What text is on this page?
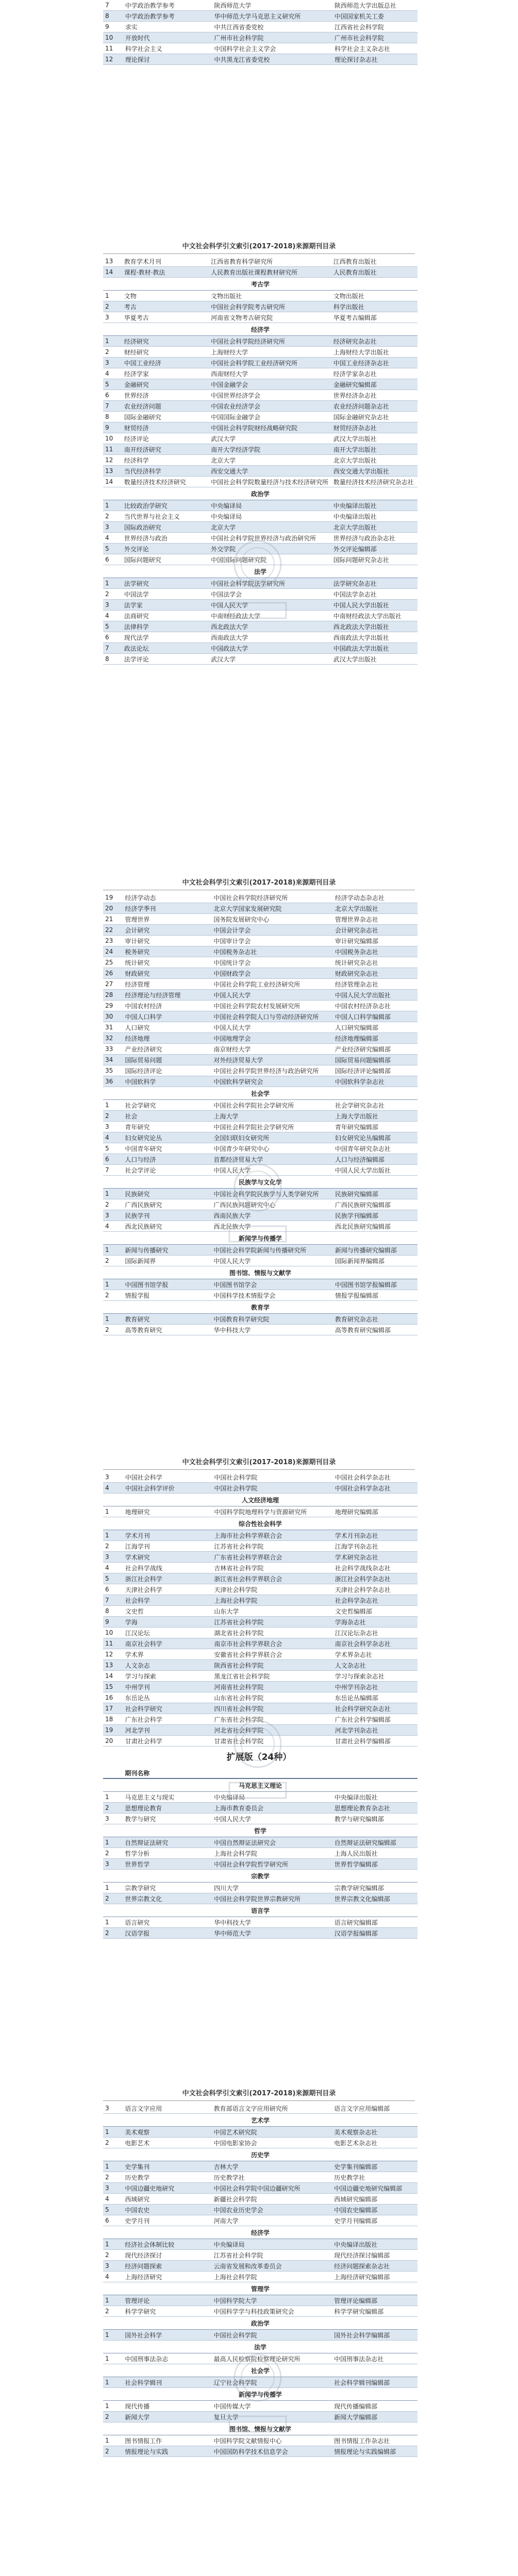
7	中学政治教学参考	陕西师范大学	陕西师范大学出版总社
8	中学政治教学参考	华中师范大学马克思主义研究所	中国国家机关工委
9	求实	中共江西省委党校	江西省社会科学院
10	开放时代	广州市社会科学院	广州市社会科学院
11	科学社会主义	中国科学社会主义学会	科学社会主义杂志社
12	理论探讨	中共黑龙江省委党校	理论探讨杂志社
中文社会科学引文索引(2017-2018)来源期刊目录
13	教育学术月刊	江西省教育科学研究所	江西教育出版社
14	课程·教材·教法	人民教育出版社课程教材研究所	人民教育出版社
考古学			
1	文物	文物出版社	文物出版社
2	考古	中国社会科学院考古研究所	科学出版社
3	华夏考古	河南省文物考古研究院	华夏考古编辑部
经济学			
1	经济研究	中国社会科学院经济研究所	经济研究杂志社
2	财经研究	上海财经大学	上海财经大学出版社
3	中国工业经济	中国社会科学院工业经济研究所	中国工业经济杂志社
4	经济学家	西南财经大学	经济学家杂志社
5	金融研究	中国金融学会	金融研究编辑部
6	世界经济	中国世界经济学会	世界经济杂志社
7	农业经济问题	中国农业经济学会	农业经济问题杂志社
8	国际金融研究	中国国际金融学会	国际金融研究杂志社
9	财贸经济	中国社会科学院财经战略研究院	财贸经济杂志社
10	经济评论	武汉大学	武汉大学出版社
11	南开经济研究	南开大学经济学院	南开大学出版社
12	经济科学	北京大学	北京大学出版社
13	当代经济科学	西安交通大学	西安交通大学出版社
14	数量经济技术经济研究	中国社会科学院数量经济与技术经济研究所	数量经济技术经济研究杂志社
政治学			
1	比较政治学研究	中央编译局	中央编译出版社
2	当代世界与社会主义	中央编译局	中央编译出版社
3	国际政治研究	北京大学	北京大学出版社
4	世界经济与政治	中国社会科学院世界经济与政治研究所	世界经济与政治杂志社
5	外交评论	外交学院	外交评论编辑部
6	国际问题研究	中国国际问题研究院	国际问题研究杂志社
法学			
1	法学研究	中国社会科学院法学研究所	法学研究杂志社
2	中国法学	中国法学会	中国法学杂志社
3	法学家	中国人民大学	中国人民大学出版社
4	法商研究	中南财经政法大学	中南财经政法大学出版社
5	法律科学	西北政法大学	西北政法大学出版社
6	现代法学	西南政法大学	西南政法大学出版社
7	政法论坛	中国政法大学	中国政法大学出版社
8	法学评论	武汉大学	武汉大学出版社
中文社会科学引文索引(2017-2018)来源期刊目录
19	经济学动态	中国社会科学院经济研究所	经济学动态杂志社
20	经济学季刊	北京大学国家发展研究院	北京大学出版社
21	管理世界	国务院发展研究中心	管理世界杂志社
22	会计研究	中国会计学会	会计研究杂志社
23	审计研究	中国审计学会	审计研究编辑部
24	税务研究	中国税务杂志社	中国税务杂志社
25	统计研究	中国统计学会	统计研究杂志社
26	财政研究	中国财政学会	财政研究杂志社
27	经济管理	中国社会科学院工业经济研究所	经济管理杂志社
28	经济理论与经济管理	中国人民大学	中国人民大学出版社
29	中国农村经济	中国社会科学院农村发展研究所	中国农村经济杂志社
30	中国人口科学	中国社会科学院人口与劳动经济研究所	中国人口科学编辑部
31	人口研究	中国人民大学	人口研究编辑部
32	经济地理	中国地理学会	经济地理编辑部
33	产业经济研究	南京财经大学	产业经济研究编辑部
34	国际贸易问题	对外经济贸易大学	国际贸易问题编辑部
35	国际经济评论	中国社会科学院世界经济与政治研究所	国际经济评论编辑部
36	中国软科学	中国软科学研究会	中国软科学杂志社
社会学			
1	社会学研究	中国社会科学院社会学研究所	社会学研究杂志社
2	社会	上海大学	上海大学出版社
3	青年研究	中国社会科学院社会学研究所	青年研究编辑部
4	妇女研究论丛	全国妇联妇女研究所	妇女研究论丛编辑部
5	中国青年研究	中国青少年研究中心	中国青年研究杂志社
6	人口与经济	首都经济贸易大学	人口与经济编辑部
7	社会学评论	中国人民大学	中国人民大学出版社
民族学与文化学			
1	民族研究	中国社会科学院民族学与人类学研究所	民族研究编辑部
2	广西民族研究	广西民族问题研究中心	广西民族研究编辑部
3	民族学刊	西南民族大学	民族学刊编辑部
4	西北民族研究	西北民族大学	西北民族研究编辑部
新闻学与传播学			
1	新闻与传播研究	中国社会科学院新闻与传播研究所	新闻与传播研究编辑部
2	国际新闻界	中国人民大学	国际新闻界编辑部
图书馆、情报与文献学			
1	中国图书馆学报	中国图书馆学会	中国图书馆学报编辑部
2	情报学报	中国科学技术情报学会	情报学报编辑部
教育学			
1	教育研究	中国教育科学研究院	教育研究杂志社
2	高等教育研究	华中科技大学	高等教育研究编辑部
中文社会科学引文索引(2017-2018)来源期刊目录
3	中国社会科学	中国社会科学院	中国社会科学杂志社
4	中国社会科学评价	中国社会科学院	中国社会科学杂志社
人文经济地理			
1	地理研究	中国科学院地理科学与资源研究所	地理研究编辑部
综合性社会科学			
1	学术月刊	上海市社会科学界联合会	学术月刊杂志社
2	江海学刊	江苏省社会科学院	江海学刊杂志社
3	学术研究	广东省社会科学界联合会	学术研究杂志社
4	社会科学战线	吉林省社会科学院	社会科学战线杂志社
5	浙江社会科学	浙江省社会科学界联合会	浙江社会科学杂志社
6	天津社会科学	天津社会科学院	天津社会科学杂志社
7	社会科学	上海社会科学院	社会科学杂志社
8	文史哲	山东大学	文史哲编辑部
9	学海	江苏省社会科学院	学海杂志社
10	江汉论坛	湖北省社会科学院	江汉论坛杂志社
11	南京社会科学	南京市社会科学界联合会	南京社会科学杂志社
12	学术界	安徽省社会科学界联合会	学术界杂志社
13	人文杂志	陕西省社会科学院	人文杂志社
14	学习与探索	黑龙江省社会科学院	学习与探索杂志社
15	中州学刊	河南省社会科学院	中州学刊杂志社
16	东岳论丛	山东省社会科学院	东岳论丛编辑部
17	社会科学研究	四川省社会科学院	社会科学研究杂志社
18	广东社会科学	广东省社会科学院	广东社会科学编辑部
19	河北学刊	河北省社会科学院	河北学刊杂志社
20	甘肃社会科学	甘肃省社会科学院	甘肃社会科学编辑部
扩展版（24种）
	期刊名称		
马克思主义理论			
1	马克思主义与现实	中央编译局	中央编译出版社
2	思想理论教育	上海市教育委员会	思想理论教育杂志社
3	教学与研究	中国人民大学	教学与研究编辑部
哲学			
1	自然辩证法研究	中国自然辩证法研究会	自然辩证法研究编辑部
2	哲学分析	上海社会科学院	上海人民出版社
3	世界哲学	中国社会科学院哲学研究所	世界哲学编辑部
宗教学			
1	宗教学研究	四川大学	宗教学研究编辑部
2	世界宗教文化	中国社会科学院世界宗教研究所	世界宗教文化编辑部
语言学			
1	语言研究	华中科技大学	语言研究编辑部
2	汉语学报	华中师范大学	汉语学报编辑部
中文社会科学引文索引(2017-2018)来源期刊目录
3	语言文字应用	教育部语言文字应用研究所	语言文字应用编辑部
艺术学			
1	美术观察	中国艺术研究院	美术观察杂志社
2	电影艺术	中国电影家协会	电影艺术杂志社
历史学			
1	史学集刊	吉林大学	史学集刊编辑部
2	历史教学	历史教学社	历史教学社
3	中国边疆史地研究	中国社会科学院中国边疆研究所	中国边疆史地研究编辑部
4	西域研究	新疆社会科学院	西域研究编辑部
5	中国农史	中国农业历史学会	中国农史编辑部
6	史学月刊	河南大学	史学月刊编辑部
经济学			
1	经济社会体制比较	中央编译局	中央编译出版社
2	现代经济探讨	江苏省社会科学院	现代经济探讨编辑部
3	经济问题探索	云南省发展和改革委员会	经济问题探索杂志社
4	上海经济研究	上海社会科学院	上海经济研究编辑部
管理学			
1	管理评论	中国科学院大学	管理评论编辑部
2	科学学研究	中国科学学与科技政策研究会	科学学研究编辑部
政治学			
1	国外社会科学	中国社会科学院	国外社会科学编辑部
法学			
1	中国刑事法杂志	最高人民检察院检察理论研究所	中国刑事法杂志社
社会学			
1	社会科学辑刊	辽宁社会科学院	社会科学辑刊编辑部
新闻学与传播学			
1	现代传播	中国传媒大学	现代传播编辑部
2	新闻大学	复旦大学	新闻大学编辑部
图书馆、情报与文献学			
1	图书情报工作	中国科学院文献情报中心	图书情报工作杂志社
2	情报理论与实践	中国国防科学技术信息学会	情报理论与实践编辑部
